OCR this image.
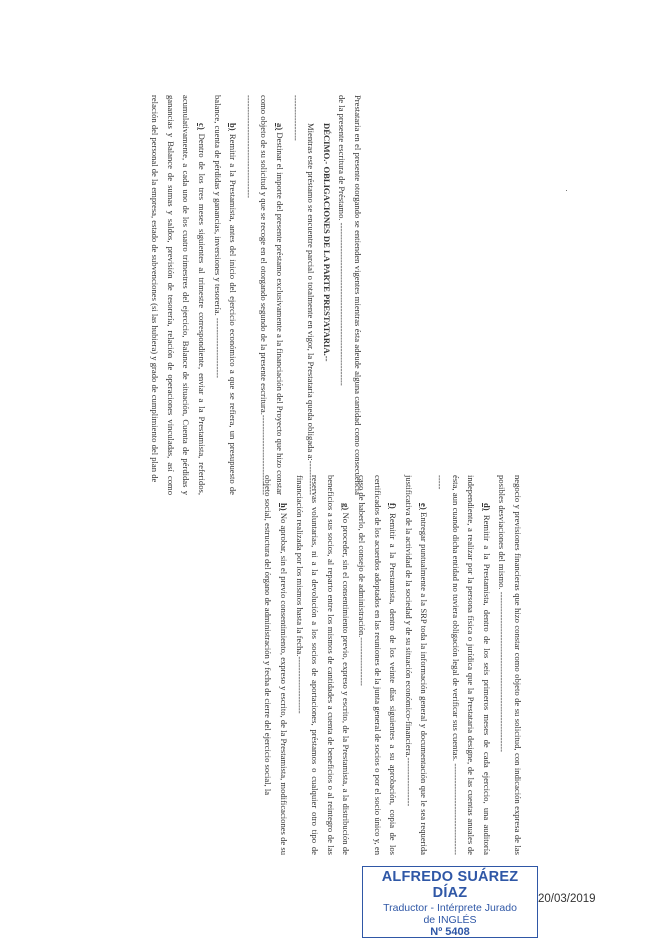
Prestataria en el presente otorgando se entienden vigentes mientras ésta adeude alguna cantidad como consecuencia de la presente escritura de Préstamo. ---------------------------------------------------------

DÉCIMO.- OBLIGACIONES DE LA PARTE PRESTATARIA.--

Mientras este préstamo se encuentre parcial o totalmente en vigor, la Prestataria queda obligada a:----------------------------

a) Destinar el importe del presente préstamo exclusivamente a la financiación del Proyecto que hizo constar como objeto de su solicitud y que se recoge en el otorgando segundo de la presente escritura.----------------------------------------------------------------

b) Remitir a la Prestamista, antes del inicio del ejercicio económico a que se refiera, un presupuesto de balance, cuenta de pérdidas y ganancias, inversiones y tesorería. ---------------------

c) Dentro de los tres meses siguientes al trimestre correspondiente, enviar a la Prestamista, referidos, acumulativamente, a cada uno de los cuatro trimestres del ejercicio, Balance de situación, Cuenta de pérdidas y ganancias y Balance de sumas y saldos, previsión de tesorería, relación de operaciones vinculadas, así como relación del personal de la empresa, estado de subvenciones (si las hubiera) y grado de cumplimiento del plan de

negocio y previsiones financieras que hizo constar como objeto de su solicitud, con indicación expresa de las posibles desviaciones del mismo. --------------------------------------------------------

d) Remitir a la Prestamista, dentro de los seis primeros meses de cada ejercicio, una auditoría independiente, a realizar por la persona física o jurídica que la Prestataria designe, de las cuentas anuales de ésta, aun cuando dicha entidad no tuviera obligación legal de verificar sus cuentas. -------------------------------------

e) Entregar puntualmente a la SRP toda la información general y documentación que le sea requerida justificativa de la actividad de la sociedad y de su situación económico-financiera.-----------------

f) Remitir a la Prestamista, dentro de los veinte días siguientes a su aprobación, copia de los certificados de los acuerdos adoptados en las reuniones de la junta general de socios o por el socio único y, en caso de haberlo, del consejo de administración.-----------------

g) No proceder, sin el consentimiento previo, expreso y escrito, de la Prestamista, a la distribución de beneficios a sus socios, al reparto entre los mismos de cantidades a cuenta de beneficios o al reintegro de las reservas voluntarias, ni a la devolución a los socios de aportaciones, préstamos o cualquier otro tipo de financiación realizada por los mismos hasta la fecha.--------------------

h) No aprobar, sin el previo consentimiento, expreso y escrito, de la Prestamista, modificaciones de su objeto social, estructura del órgano de administración y fecha de cierre del ejercicio social, la

ALFREDO SUÁREZ DÍAZ
Traductor - Intérprete Jurado
de INGLÉS
Nº 5408
20/03/2019
